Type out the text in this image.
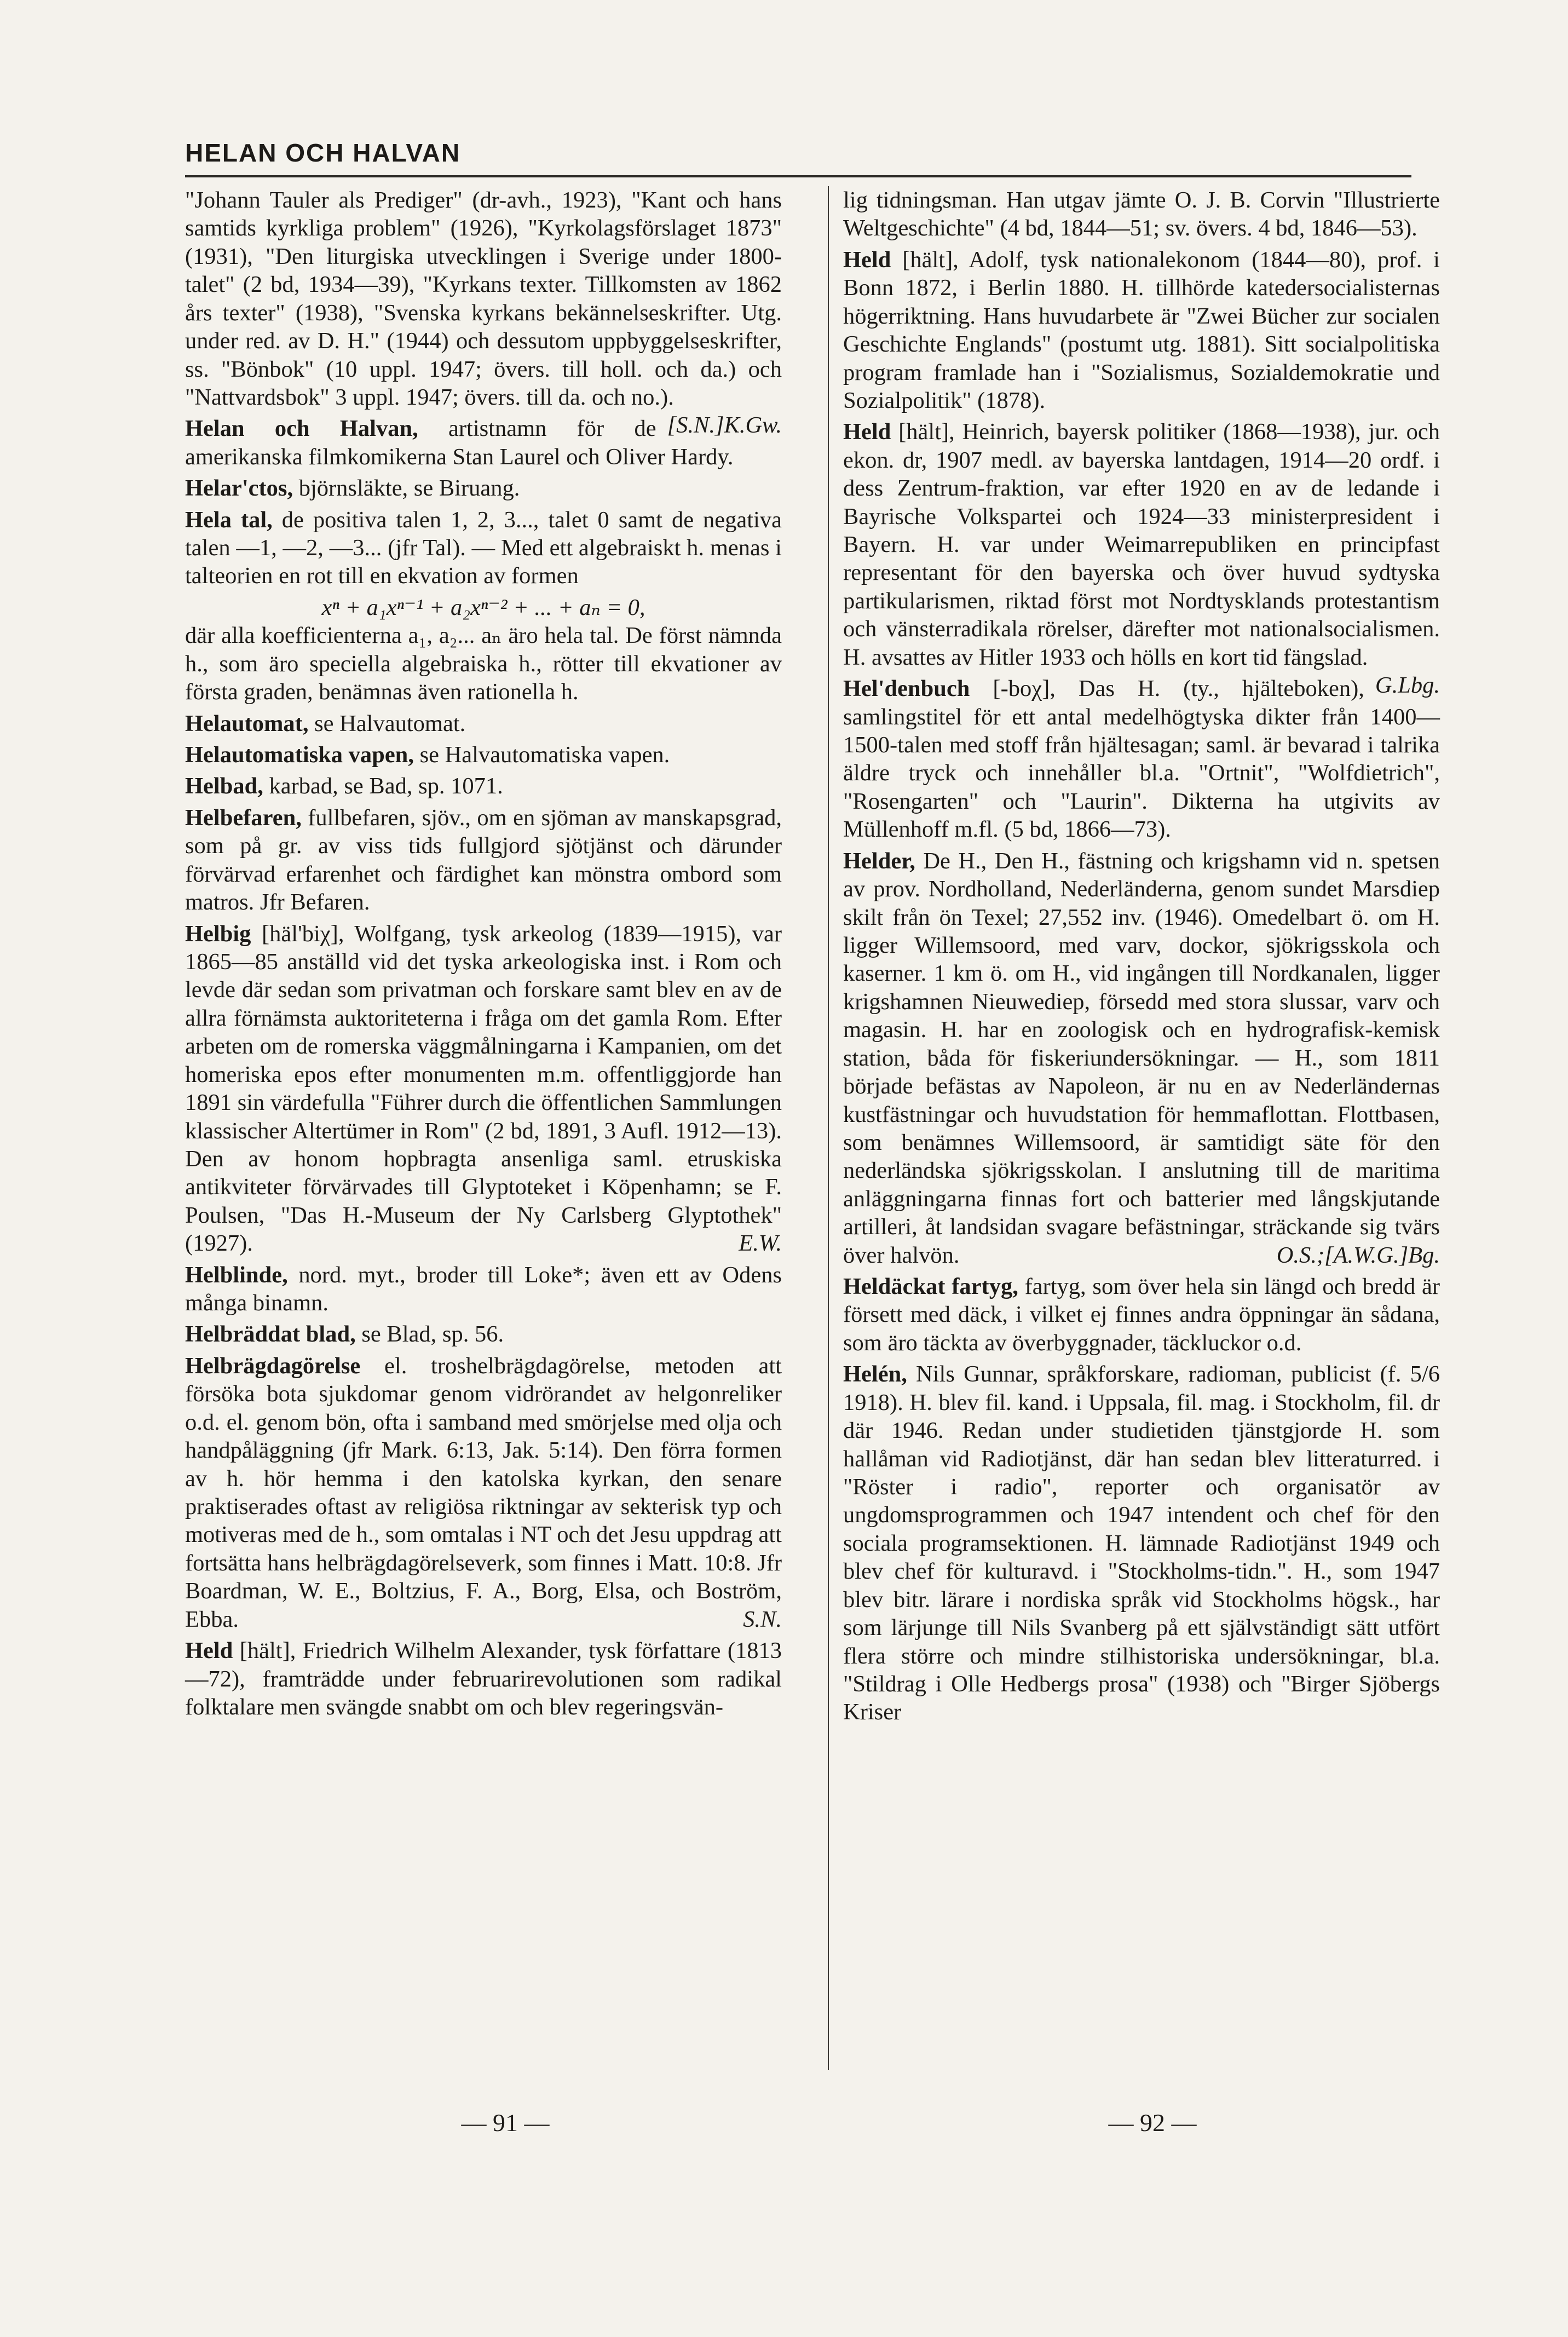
HELAN OCH HALVAN

"Johann Tauler als Prediger" (dr-avh., 1923), "Kant och hans samtids kyrkliga problem" (1926), "Kyrkolagsförslaget 1873" (1931), "Den liturgiska utvecklingen i Sverige under 1800-talet" (2 bd, 1934—39), "Kyrkans texter. Tillkomsten av 1862 års texter" (1938), "Svenska kyrkans bekännelseskrifter. Utg. under red. av D. H." (1944) och dessutom uppbyggelseskrifter, ss. "Bönbok" (10 uppl. 1947; övers. till holl. och da.) och "Nattvardsbok" 3 uppl. 1947; övers. till da. och no.).
[S.N.]K.Gw.

Helan och Halvan, artistnamn för de amerikanska filmkomikerna Stan Laurel och Oliver Hardy.

Helar'ctos, björnsläkte, se Biruang.

Hela tal, de positiva talen 1, 2, 3..., talet 0 samt de negativa talen —1, —2, —3... (jfr Tal). — Med ett algebraiskt h. menas i talteorien en rot till en ekvation av formen

xⁿ + a₁xⁿ⁻¹ + a₂xⁿ⁻² + ... + aₙ = 0,

där alla koefficienterna a₁, a₂... aₙ äro hela tal. De först nämnda h., som äro speciella algebraiska h., rötter till ekvationer av första graden, benämnas även rationella h.

Helautomat, se Halvautomat.

Helautomatiska vapen, se Halvautomatiska vapen.

Helbad, karbad, se Bad, sp. 1071.

Helbefaren, fullbefaren, sjöv., om en sjöman av manskapsgrad, som på gr. av viss tids fullgjord sjötjänst och därunder förvärvad erfarenhet och färdighet kan mönstra ombord som matros. Jfr Befaren.

Helbig [häl'biχ], Wolfgang, tysk arkeolog (1839—1915), var 1865—85 anställd vid det tyska arkeologiska inst. i Rom och levde där sedan som privatman och forskare samt blev en av de allra förnämsta auktoriteterna i fråga om det gamla Rom. Efter arbeten om de romerska väggmålningarna i Kampanien, om det homeriska epos efter monumenten m.m. offentliggjorde han 1891 sin värdefulla "Führer durch die öffentlichen Sammlungen klassischer Altertümer in Rom" (2 bd, 1891, 3 Aufl. 1912—13). Den av honom hopbragta ansenliga saml. etruskiska antikviteter förvärvades till Glyptoteket i Köpenhamn; se F. Poulsen, "Das H.-Museum der Ny Carlsberg Glyptothek" (1927).	E.W.

Helblinde, nord. myt., broder till Loke*; även ett av Odens många binamn.

Helbräddat blad, se Blad, sp. 56.

Helbrägdagörelse el. troshelbrägdagörelse, metoden att försöka bota sjukdomar genom vidrörandet av helgonreliker o.d. el. genom bön, ofta i samband med smörjelse med olja och handpåläggning (jfr Mark. 6:13, Jak. 5:14). Den förra formen av h. hör hemma i den katolska kyrkan, den senare praktiserades oftast av religiösa riktningar av sekterisk typ och motiveras med de h., som omtalas i NT och det Jesu uppdrag att fortsätta hans helbrägdagörelseverk, som finnes i Matt. 10:8. Jfr Boardman, W. E., Boltzius, F. A., Borg, Elsa, och Boström, Ebba.	S.N.

Held [hält], Friedrich Wilhelm Alexander, tysk författare (1813—72), framträdde under februarirevolutionen som radikal folktalare men svängde snabbt om och blev regeringsvän-

lig tidningsman. Han utgav jämte O. J. B. Corvin "Illustrierte Weltgeschichte" (4 bd, 1844—51; sv. övers. 4 bd, 1846—53).

Held [hält], Adolf, tysk nationalekonom (1844—80), prof. i Bonn 1872, i Berlin 1880. H. tillhörde katedersocialisternas högerriktning. Hans huvudarbete är "Zwei Bücher zur socialen Geschichte Englands" (postumt utg. 1881). Sitt socialpolitiska program framlade han i "Sozialismus, Sozialdemokratie und Sozialpolitik" (1878).

Held [hält], Heinrich, bayersk politiker (1868—1938), jur. och ekon. dr, 1907 medl. av bayerska lantdagen, 1914—20 ordf. i dess Zentrum-fraktion, var efter 1920 en av de ledande i Bayrische Volkspartei och 1924—33 ministerpresident i Bayern. H. var under Weimarrepubliken en principfast representant för den bayerska och över huvud sydtyska partikularismen, riktad först mot Nordtysklands protestantism och vänsterradikala rörelser, därefter mot nationalsocialismen. H. avsattes av Hitler 1933 och hölls en kort tid fängslad.
G.Lbg.

Hel'denbuch [-boχ], Das H. (ty., hjälteboken), samlingstitel för ett antal medelhögtyska dikter från 1400—1500-talen med stoff från hjältesagan; saml. är bevarad i talrika äldre tryck och innehåller bl.a. "Ortnit", "Wolfdietrich", "Rosengarten" och "Laurin". Dikterna ha utgivits av Müllenhoff m.fl. (5 bd, 1866—73).

Helder, De H., Den H., fästning och krigshamn vid n. spetsen av prov. Nordholland, Nederländerna, genom sundet Marsdiep skilt från ön Texel; 27,552 inv. (1946). Omedelbart ö. om H. ligger Willemsoord, med varv, dockor, sjökrigsskola och kaserner. 1 km ö. om H., vid ingången till Nordkanalen, ligger krigshamnen Nieuwediep, försedd med stora slussar, varv och magasin. H. har en zoologisk och en hydrografisk-kemisk station, båda för fiskeriundersökningar. — H., som 1811 började befästas av Napoleon, är nu en av Nederländernas kustfästningar och huvudstation för hemmaflottan. Flottbasen, som benämnes Willemsoord, är samtidigt säte för den nederländska sjökrigsskolan. I anslutning till de maritima anläggningarna finnas fort och batterier med långskjutande artilleri, åt landsidan svagare befästningar, sträckande sig tvärs över halvön.	O.S.;[A.W.G.]Bg.

Heldäckat fartyg, fartyg, som över hela sin längd och bredd är försett med däck, i vilket ej finnes andra öppningar än sådana, som äro täckta av överbyggnader, täckluckor o.d.

Helén, Nils Gunnar, språkforskare, radioman, publicist (f. 5/6 1918). H. blev fil. kand. i Uppsala, fil. mag. i Stockholm, fil. dr där 1946. Redan under studietiden tjänstgjorde H. som hallåman vid Radiotjänst, där han sedan blev litteraturred. i "Röster i radio", reporter och organisatör av ungdomsprogrammen och 1947 intendent och chef för den sociala programsektionen. H. lämnade Radiotjänst 1949 och blev chef för kulturavd. i "Stockholms-tidn.". H., som 1947 blev bitr. lärare i nordiska språk vid Stockholms högsk., har som lärjunge till Nils Svanberg på ett självständigt sätt utfört flera större och mindre stilhistoriska undersökningar, bl.a. "Stildrag i Olle Hedbergs prosa" (1938) och "Birger Sjöbergs Kriser

— 91 —	— 92 —
